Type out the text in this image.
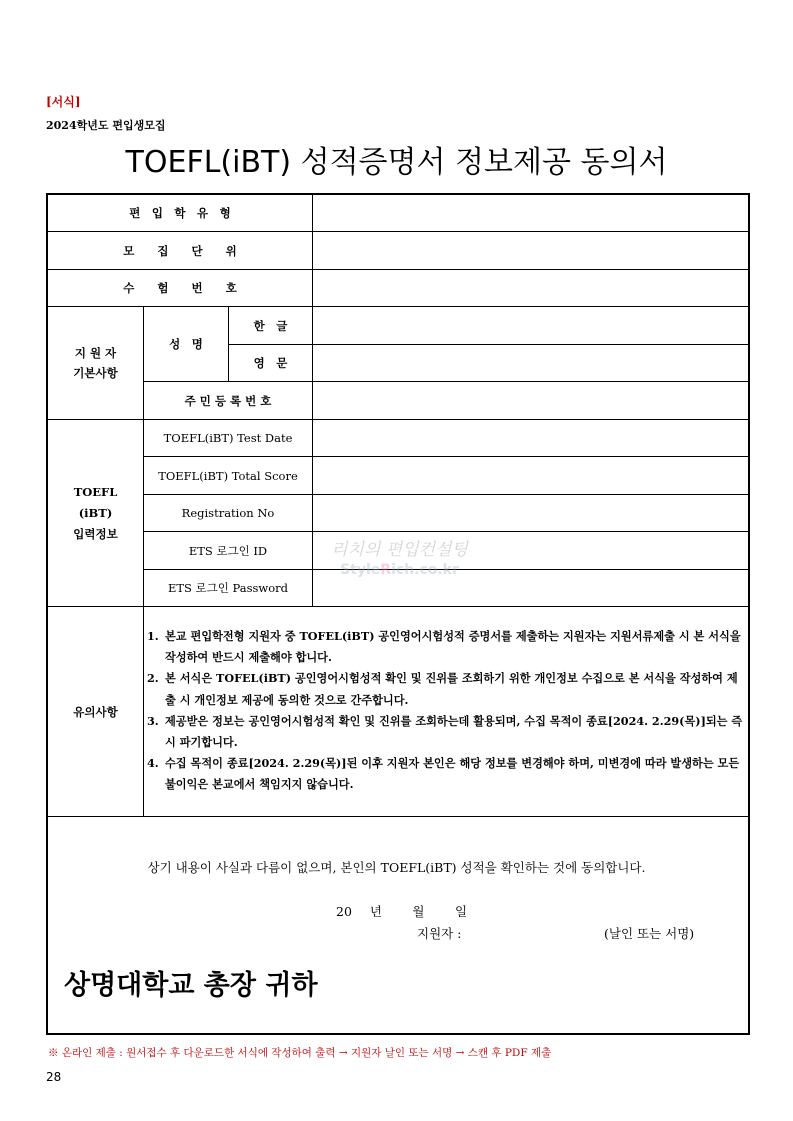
[서식]
2024학년도 편입생모집
TOEFL(iBT) 성적증명서 정보제공 동의서
편　입　학　유　형
모　　집　　단　　위
수　　험　　번　　호
지 원 자
기본사항
성　명
한　글
영　문
주 민 등 록 번 호
TOEFL
(iBT)
입력정보
TOEFL(iBT) Test Date
TOEFL(iBT) Total Score
Registration No
ETS 로그인 ID
ETS 로그인 Password
유의사항
1. 본교 편입학전형 지원자 중 TOFEL(iBT) 공인영어시험성적 증명서를 제출하는 지원자는 지원서류제출 시 본 서식을 작성하여 반드시 제출해야 합니다.
2. 본 서식은 TOFEL(iBT) 공인영어시험성적 확인 및 진위를 조회하기 위한 개인정보 수집으로 본 서식을 작성하여 제출 시 개인정보 제공에 동의한 것으로 간주합니다.
3. 제공받은 정보는 공인영어시험성적 확인 및 진위를 조회하는데 활용되며, 수집 목적이 종료[2024. 2.29(목)]되는 즉시 파기합니다.
4. 수집 목적이 종료[2024. 2.29(목)]된 이후 지원자 본인은 해당 정보를 변경해야 하며, 미변경에 따라 발생하는 모든 불이익은 본교에서 책임지지 않습니다.
리치의 편입컨설팅
StyleRich.co.kr
상기 내용이 사실과 다름이 없으며, 본인의 TOEFL(iBT) 성적을 확인하는 것에 동의합니다.
20 년　 월　 일
지원자 :	(날인 또는 서명)
상명대학교 총장 귀하
※ 온라인 제출 : 원서접수 후 다운로드한 서식에 작성하여 출력 → 지원자 날인 또는 서명 → 스캔 후 PDF 제출
28
